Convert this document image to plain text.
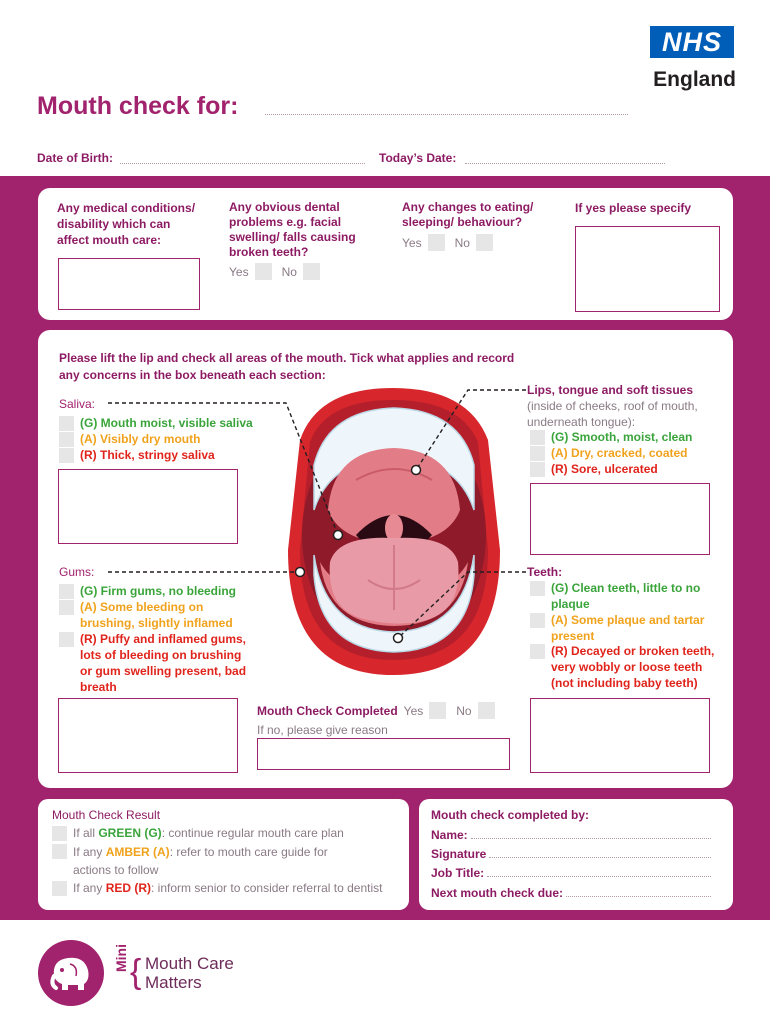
NHS
England
Mouth check for:
Date of Birth:	Today’s Date:
Any medical conditions/
disability which can
affect mouth care:
Any obvious dental
problems e.g. facial
swelling/ falls causing
broken teeth?
Yes	No
Any changes to eating/
sleeping/ behaviour?
Yes	No
If yes please specify
Please lift the lip and check all areas of the mouth. Tick what applies and record
any concerns in the box beneath each section:
Saliva:
(G) Mouth moist, visible saliva
(A) Visibly dry mouth
(R) Thick, stringy saliva
Lips, tongue and soft tissues
(inside of cheeks, roof of mouth,
underneath tongue):
(G) Smooth, moist, clean
(A) Dry, cracked, coated
(R) Sore, ulcerated
Gums:
(G) Firm gums, no bleeding
(A) Some bleeding on
brushing, slightly inflamed
(R) Puffy and inflamed gums,
lots of bleeding on brushing
or gum swelling present, bad
breath
Teeth:
(G) Clean teeth, little to no
plaque
(A) Some plaque and tartar
present
(R) Decayed or broken teeth,
very wobbly or loose teeth
(not including baby teeth)
Mouth Check Completed Yes	No
If no, please give reason
Mouth Check Result
If all GREEN (G): continue regular mouth care plan
If any AMBER (A): refer to mouth care guide for
actions to follow
If any RED (R): inform senior to consider referral to dentist
Mouth check completed by:
Name:
Signature
Job Title:
Next mouth check due:
Mini { Mouth Care
Matters
